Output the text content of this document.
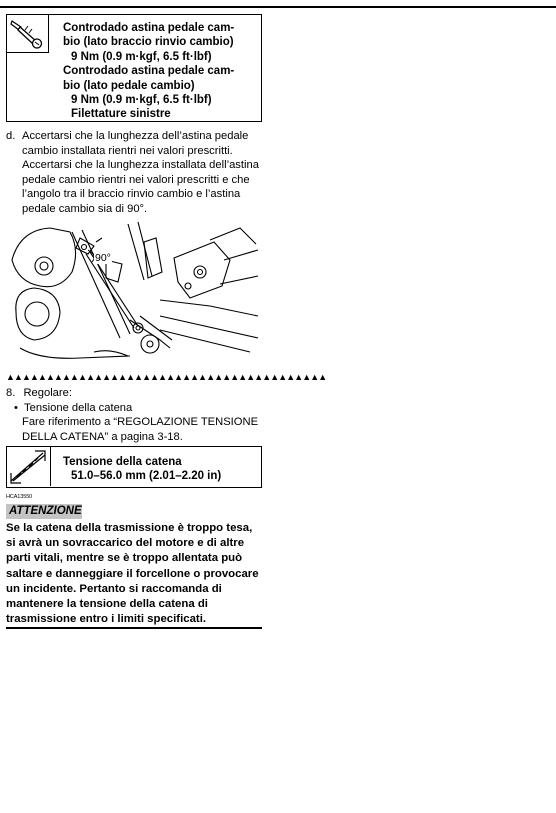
Controdado astina pedale cam-
bio (lato braccio rinvio cambio)

9 Nm (0.9 m·kgf, 6.5 ft·lbf)
Controdado astina pedale cam-
bio (lato pedale cambio)

9 Nm (0.9 m·kgf, 6.5 ft·lbf)
Filettature sinistre
d. Accertarsi che la lunghezza dell’astina pedale cambio installata rientri nei valori prescritti. Accertarsi che la lunghezza installata dell’astina pedale cambio rientri nei valori prescritti e che l’angolo tra il braccio rinvio cambio e l’astina pedale cambio sia di 90°.
90°
▲▲▲▲▲▲▲▲▲▲▲▲▲▲▲▲▲▲▲▲▲▲▲▲▲▲▲▲▲▲▲▲▲▲▲▲▲▲▲▲
8. Regolare:
• Tensione della catena
Fare riferimento a “REGOLAZIONE TENSIONE DELLA CATENA” a pagina 3-18.
Tensione della catena
51.0–56.0 mm (2.01–2.20 in)
HCA13550
ATTENZIONE
Se la catena della trasmissione è troppo tesa, si avrà un sovraccarico del motore e di altre parti vitali, mentre se è troppo allentata può saltare e danneggiare il forcellone o provocare un incidente. Pertanto si raccomanda di mantenere la tensione della catena di trasmissione entro i limiti specificati.
